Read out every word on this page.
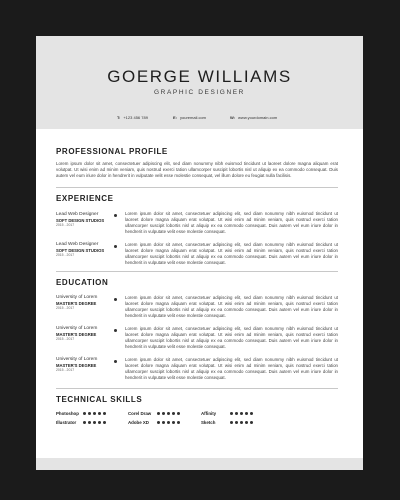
GOERGE WILLIAMS
GRAPHIC DESIGNER
T: +123 456 789	E: youremail.com	W: www.yourdomain.com
PROFESSIONAL PROFILE

Lorem ipsum dolor sit amet, consectetuer adipiscing elit, sed diam nonummy nibh euismod tincidunt ut laoreet dolore magna aliquam erat volutpat. Ut wisi enim ad minim veniam, quis nostrud exerci tation ullamcorper suscipit lobortis nisl ut aliquip ex ea commodo consequat. Duis autem vel eum iriure dolor in hendrerit in vulputate velit esse molestie consequat, vel illum dolore eu feugiat nulla facilisis.

EXPERIENCE
Lead Web Designer
SOFT DESIGN STUDIOS
2015 - 2017

Lorem ipsum dolor sit amet, consectetuer adipiscing elit, sed diam nonummy nibh euismod tincidunt ut laoreet dolore magna aliquam erat volutpat. Ut wisi enim ad minim veniam, quis nostrud exerci tation ullamcorper suscipit lobortis nisl ut aliquip ex ea commodo consequat. Duis autem vel eum iriure dolor in hendrerit in vulputate velit esse molestie consequat.

Lead Web Designer
SOFT DESIGN STUDIOS
2015 - 2017

Lorem ipsum dolor sit amet, consectetuer adipiscing elit, sed diam nonummy nibh euismod tincidunt ut laoreet dolore magna aliquam erat volutpat. Ut wisi enim ad minim veniam, quis nostrud exerci tation ullamcorper suscipit lobortis nisl ut aliquip ex ea commodo consequat. Duis autem vel eum iriure dolor in hendrerit in vulputate velit esse molestie consequat.

EDUCATION
University of Lorem
MASTER'S DEGREE
2015 - 2017

Lorem ipsum dolor sit amet, consectetuer adipiscing elit, sed diam nonummy nibh euismod tincidunt ut laoreet dolore magna aliquam erat volutpat. Ut wisi enim ad minim veniam, quis nostrud exerci tation ullamcorper suscipit lobortis nisl ut aliquip ex ea commodo consequat. Duis autem vel eum iriure dolor in hendrerit in vulputate velit esse molestie consequat.

University of Lorem
MASTER'S DEGREE
2015 - 2017

Lorem ipsum dolor sit amet, consectetuer adipiscing elit, sed diam nonummy nibh euismod tincidunt ut laoreet dolore magna aliquam erat volutpat. Ut wisi enim ad minim veniam, quis nostrud exerci tation ullamcorper suscipit lobortis nisl ut aliquip ex ea commodo consequat. Duis autem vel eum iriure dolor in hendrerit in vulputate velit esse molestie consequat.

University of Lorem
MASTER'S DEGREE
2015 - 2017

Lorem ipsum dolor sit amet, consectetuer adipiscing elit, sed diam nonummy nibh euismod tincidunt ut laoreet dolore magna aliquam erat volutpat. Ut wisi enim ad minim veniam, quis nostrud exerci tation ullamcorper suscipit lobortis nisl ut aliquip ex ea commodo consequat. Duis autem vel eum iriure dolor in hendrerit in vulputate velit esse molestie consequat.

TECHNICAL SKILLS
Photoshop
Illustrator
Corel Draw
Adobe XD
Affinity
Sketch
